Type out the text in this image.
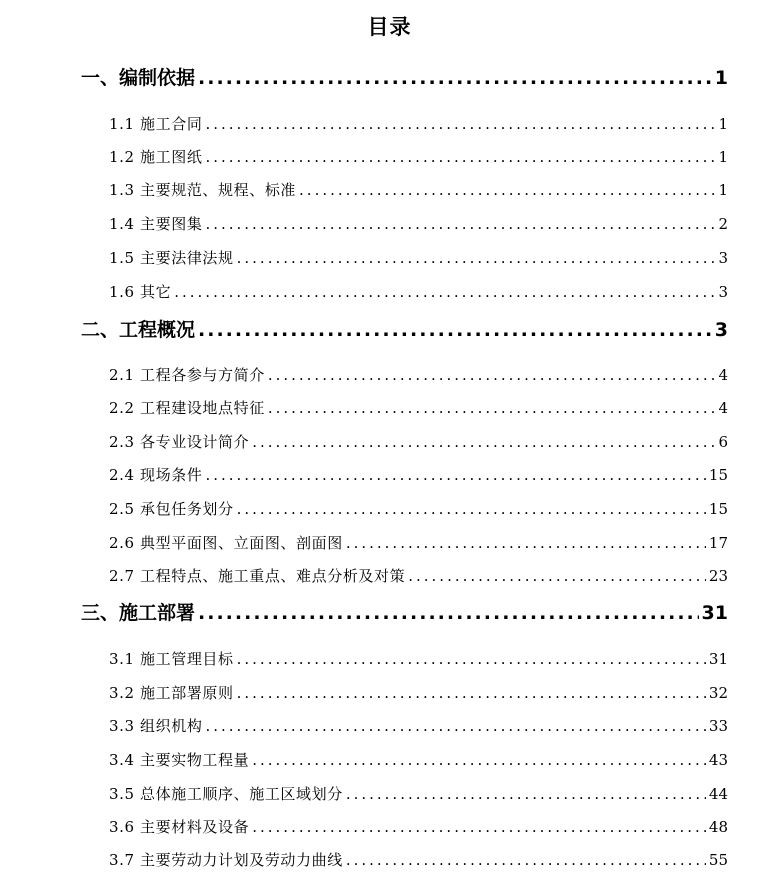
目录
一、编制依据 .....	1
1.1 施工合同 .....	1
1.2 施工图纸 .....	1
1.3 主要规范、规程、标准 .....	1
1.4 主要图集 .....	2
1.5 主要法律法规 .....	3
1.6 其它 .....	3
二、工程概况 .....	3
2.1 工程各参与方简介 .....	4
2.2 工程建设地点特征 .....	4
2.3 各专业设计简介 .....	6
2.4 现场条件 .....	15
2.5 承包任务划分 .....	15
2.6 典型平面图、立面图、剖面图 .....	17
2.7 工程特点、施工重点、难点分析及对策 .....	23
三、施工部署 .....	31
3.1 施工管理目标 .....	31
3.2 施工部署原则 .....	32
3.3 组织机构 .....	33
3.4 主要实物工程量 .....	43
3.5 总体施工顺序、施工区域划分 .....	44
3.6 主要材料及设备 .....	48
3.7 主要劳动力计划及劳动力曲线 .....	55
